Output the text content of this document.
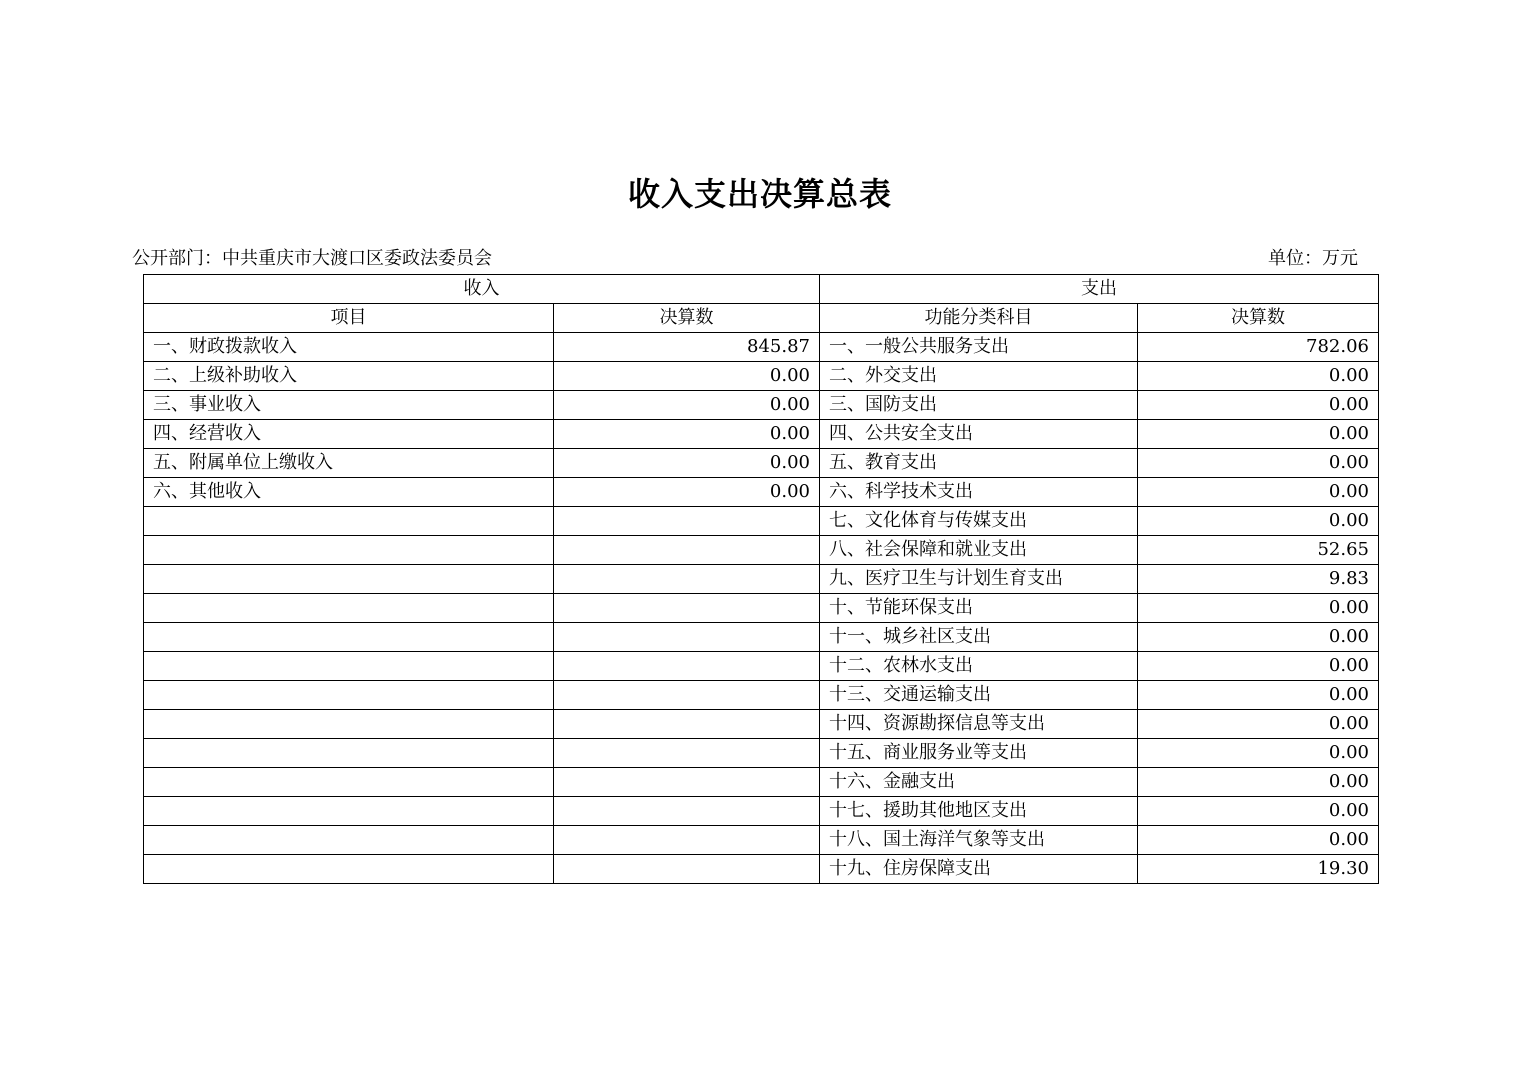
收入支出决算总表
公开部门：中共重庆市大渡口区委政法委员会	单位：万元
收入		支出	
项目	决算数	功能分类科目	决算数
一、财政拨款收入	845.87	一、一般公共服务支出	782.06
二、上级补助收入	0.00	二、外交支出	0.00
三、事业收入	0.00	三、国防支出	0.00
四、经营收入	0.00	四、公共安全支出	0.00
五、附属单位上缴收入	0.00	五、教育支出	0.00
六、其他收入	0.00	六、科学技术支出	0.00
		七、文化体育与传媒支出	0.00
		八、社会保障和就业支出	52.65
		九、医疗卫生与计划生育支出	9.83
		十、节能环保支出	0.00
		十一、城乡社区支出	0.00
		十二、农林水支出	0.00
		十三、交通运输支出	0.00
		十四、资源勘探信息等支出	0.00
		十五、商业服务业等支出	0.00
		十六、金融支出	0.00
		十七、援助其他地区支出	0.00
		十八、国土海洋气象等支出	0.00
		十九、住房保障支出	19.30
